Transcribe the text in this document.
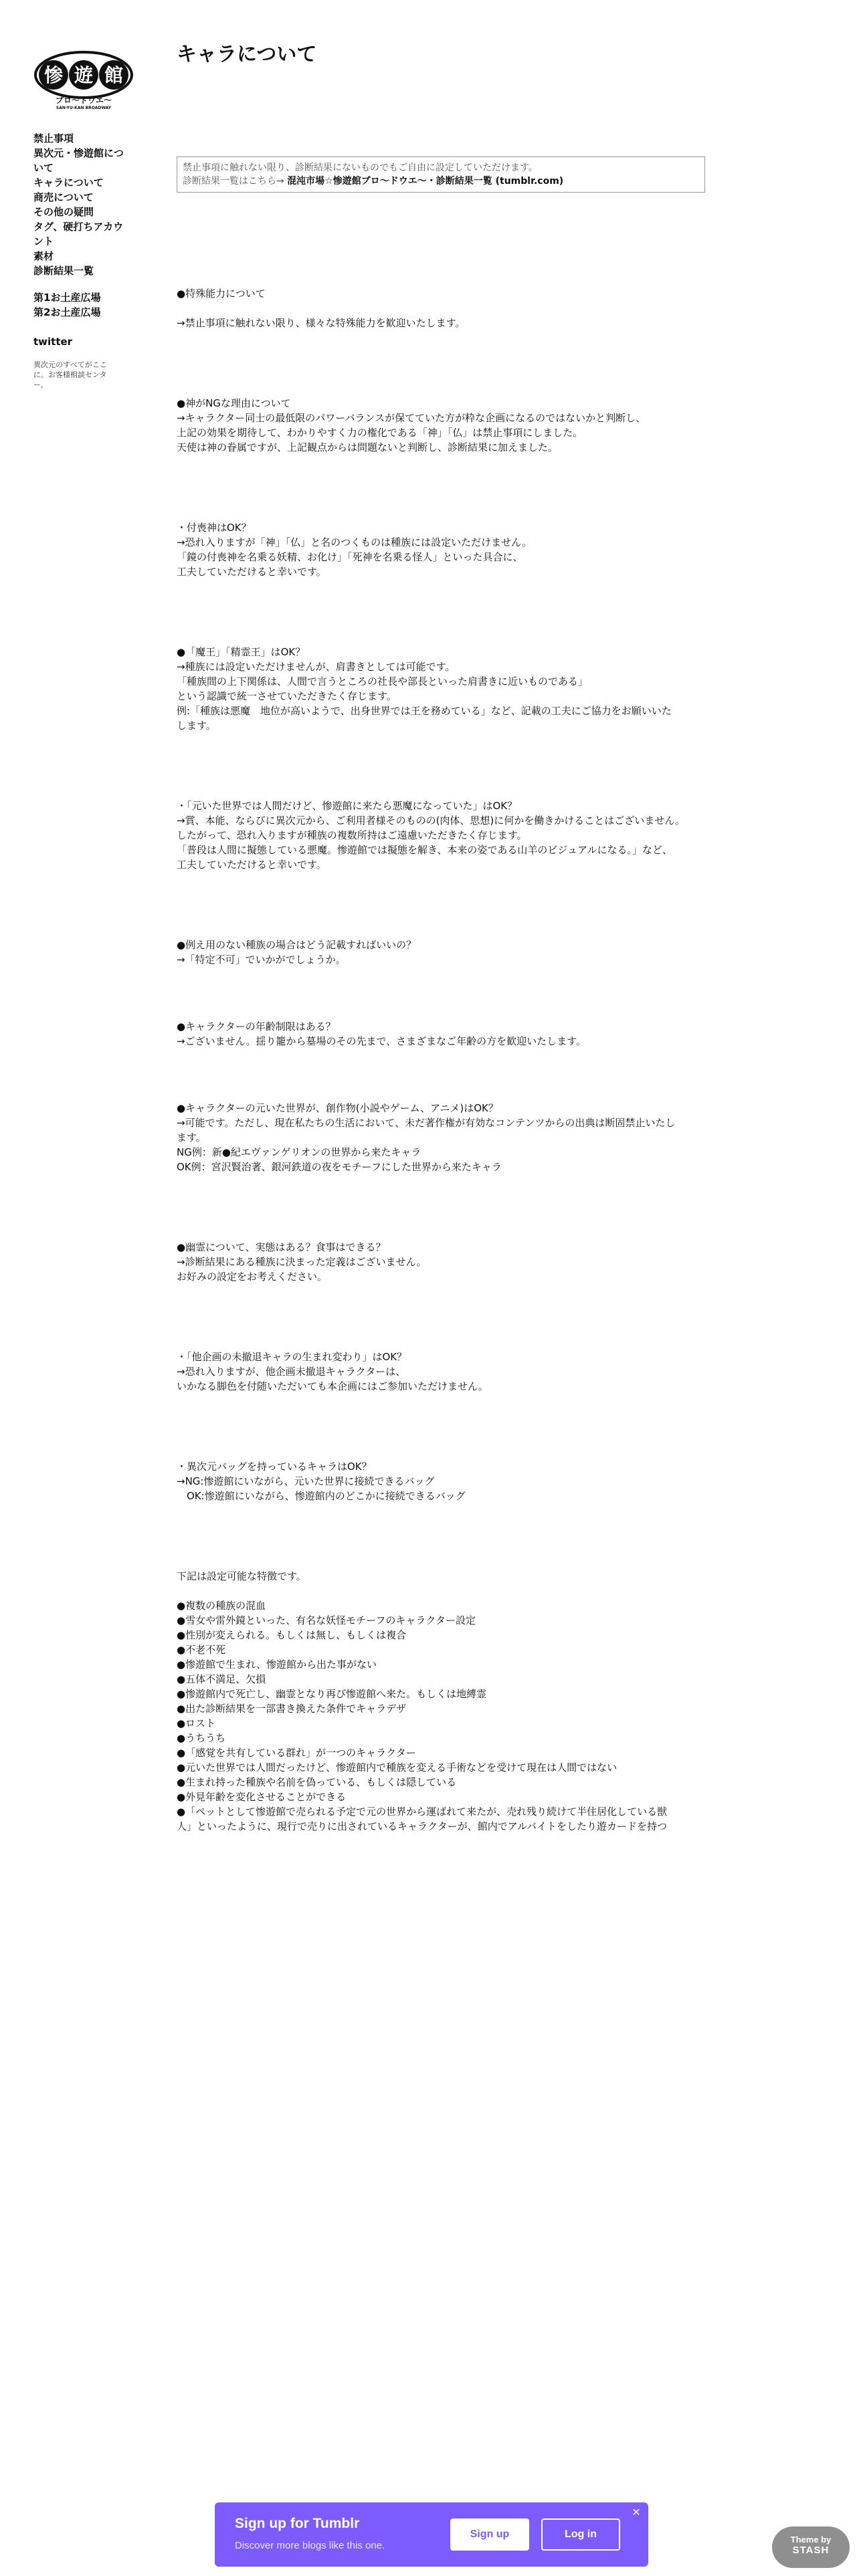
惨 遊 館
プロ〜ドウエ〜
SAN-YU-KAN BROADWAY
禁止事項
異次元・惨遊館について
キャラについて
商売について
その他の疑問
タグ、硬打ちアカウント
素材
診断結果一覧
第1お土産広場
第2お土産広場
twitter
異次元のすべてがここに。お客様相談センター。
キャラについて
禁止事項に触れない限り、診断結果にないものでもご自由に設定していただけます。
診断結果一覧はこちら→ 混沌市場☆惨遊館ブロ〜ドウエ〜・診断結果一覧 (tumblr.com)

●特殊能力について

→禁止事項に触れない限り、様々な特殊能力を歓迎いたします。

●神がNGな理由について

→キャラクター同士の最低限のパワーバランスが保てていた方が粋な企画になるのではないかと判断し、

上記の効果を期待して、わかりやすく力の権化である「神」「仏」は禁止事項にしました。

天使は神の眷属ですが、上記観点からは問題ないと判断し、診断結果に加えました。

・付喪神はOK？

→恐れ入りますが「神」「仏」と名のつくものは種族には設定いただけません。

「鏡の付喪神を名乗る妖精、お化け」「死神を名乗る怪人」といった具合に、

工夫していただけると幸いです。

●「魔王」「精霊王」はOK？

→種族には設定いただけませんが、肩書きとしては可能です。

「種族間の上下関係は、人間で言うところの社長や部長といった肩書きに近いものである」

という認識で統一させていただきたく存じます。

例:「種族は悪魔　地位が高いようで、出身世界では王を務めている」など、記載の工夫にご協力をお願いいた

します。

・「元いた世界では人間だけど、惨遊館に来たら悪魔になっていた」はOK？

→賞、本能、ならびに異次元から、ご利用者様そのものの(肉体、思想)に何かを働きかけることはございません。

したがって、恐れ入りますが種族の複数所持はご遠慮いただきたく存じます。

「普段は人間に擬態している悪魔。惨遊館では擬態を解き、本来の姿である山羊のビジュアルになる。」など、

工夫していただけると幸いです。

●例え用のない種族の場合はどう記載すればいいの？

→「特定不可」でいかがでしょうか。

●キャラクターの年齢制限はある？

→ございません。揺り籠から墓場のその先まで、さまざまなご年齢の方を歓迎いたします。

●キャラクターの元いた世界が、創作物(小説やゲーム、アニメ)はOK？

→可能です。ただし、現在私たちの生活において、未だ著作権が有効なコンテンツからの出典は断固禁止いたし

ます。

NG例：新●紀エヴァンゲリオンの世界から来たキャラ

OK例：宮沢賢治著、銀河鉄道の夜をモチーフにした世界から来たキャラ

●幽霊について、実態はある？食事はできる？

→診断結果にある種族に決まった定義はございません。

お好みの設定をお考えください。

・「他企画の未撤退キャラの生まれ変わり」はOK？

→恐れ入りますが、他企画未撤退キャラクターは、

いかなる脚色を付随いただいても本企画にはご参加いただけません。

・異次元バッグを持っているキャラはOK？

→NG:惨遊館にいながら、元いた世界に接続できるバッグ

　OK:惨遊館にいながら、惨遊館内のどこかに接続できるバッグ

下記は設定可能な特徴です。

●複数の種族の混血

●雪女や雷外鏡といった、有名な妖怪モチーフのキャラクター設定

●性別が変えられる。もしくは無し、もしくは複合

●不老不死

●惨遊館で生まれ、惨遊館から出た事がない

●五体不満足、欠損

●惨遊館内で死亡し、幽霊となり再び惨遊館へ来た。もしくは地縛霊

●出た診断結果を一部書き換えた条件でキャラデザ

●ロスト

●うちうち

●「感覚を共有している群れ」が一つのキャラクター

●元いた世界では人間だったけど、惨遊館内で種族を変える手術などを受けて現在は人間ではない

●生まれ持った種族や名前を偽っている、もしくは隠している

●外見年齢を変化させることができる

●「ペットとして惨遊館で売られる予定で元の世界から運ばれて来たが、売れ残り続けて半住居化している獣

人」といったように、現行で売りに出されているキャラクターが、館内でアルバイトをしたり遊カードを持つ

Sign up for Tumblr
Discover more blogs like this one.
Sign up	Log in
✕
Theme by
STASH
